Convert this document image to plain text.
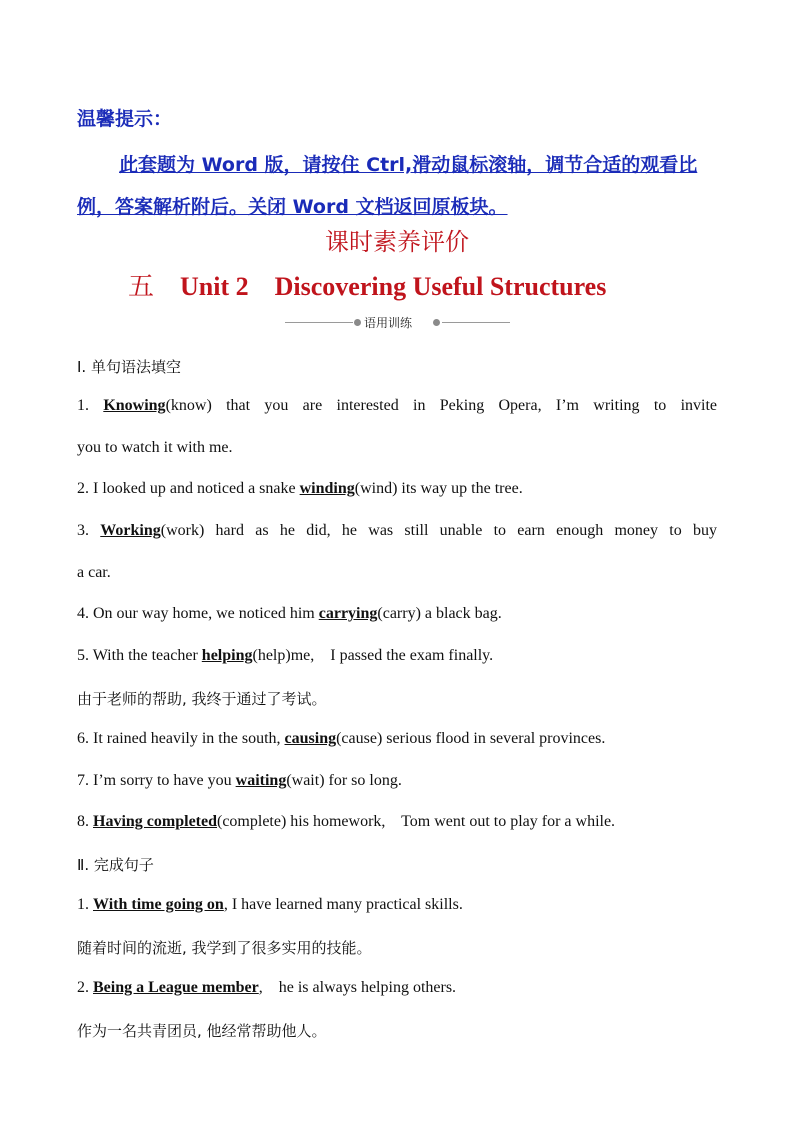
温馨提示：
此套题为 Word 版，请按住 Ctrl,滑动鼠标滚轴，调节合适的观看比例，答案解析附后。关闭 Word 文档返回原板块。
课时素养评价
五 Unit 2 Discovering Useful Structures
语用训练
Ⅰ. 单句语法填空
1. Knowing(know) that you are interested in Peking Opera, I’m writing to invite
you to watch it with me.
2. I looked up and noticed a snake winding(wind) its way up the tree.
3. Working(work) hard as he did, he was still unable to earn enough money to buy
a car.
4. On our way home, we noticed him carrying(carry) a black bag.
5. With the teacher helping(help)me,    I passed the exam finally.
由于老师的帮助, 我终于通过了考试。
6. It rained heavily in the south, causing(cause) serious flood in several provinces.
7. I’m sorry to have you waiting(wait) for so long.
8. Having completed(complete) his homework,    Tom went out to play for a while.
Ⅱ. 完成句子
1. With time going on, I have learned many practical skills.
随着时间的流逝, 我学到了很多实用的技能。
2. Being a League member,    he is always helping others.
作为一名共青团员, 他经常帮助他人。
